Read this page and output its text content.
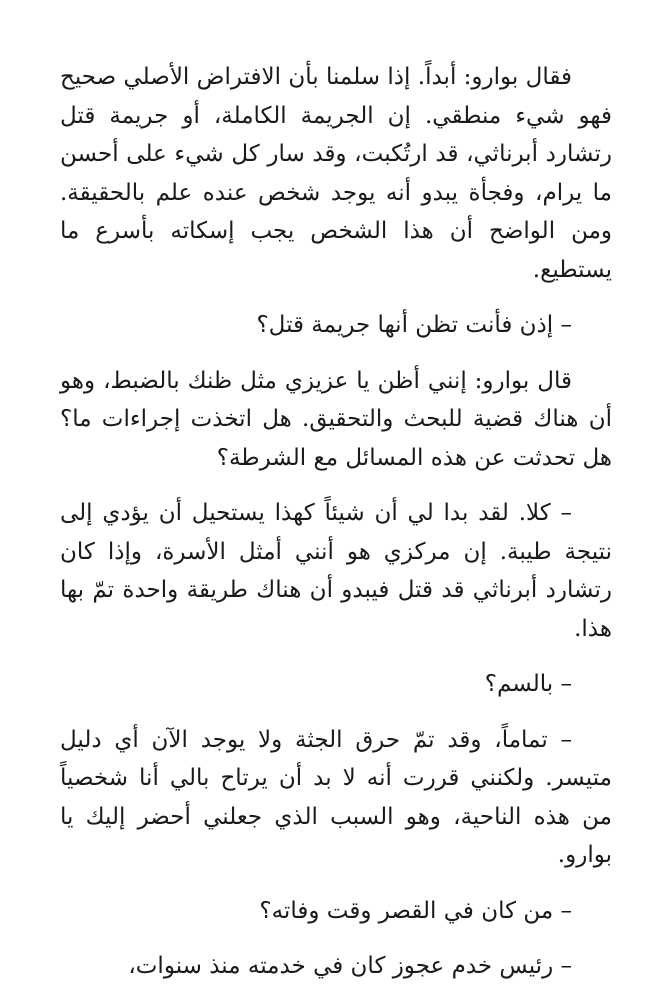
فقال بوارو: أبداً. إذا سلمنا بأن الافتراض الأصلي صحيح فهو شيء منطقي. إن الجريمة الكاملة، أو جريمة قتل رتشارد أبرناثي، قد ارتُكبت، وقد سار كل شيء على أحسن ما يرام، وفجأة يبدو أنه يوجد شخص عنده علم بالحقيقة. ومن الواضح أن هذا الشخص يجب إسكاته بأسرع ما يستطيع.

– إذن فأنت تظن أنها جريمة قتل؟

قال بوارو: إنني أظن يا عزيزي مثل ظنك بالضبط، وهو أن هناك قضية للبحث والتحقيق. هل اتخذت إجراءات ما؟ هل تحدثت عن هذه المسائل مع الشرطة؟

– كلا. لقد بدا لي أن شيئاً كهذا يستحيل أن يؤدي إلى نتيجة طيبة. إن مركزي هو أنني أمثل الأسرة، وإذا كان رتشارد أبرناثي قد قتل فيبدو أن هناك طريقة واحدة تمّ بها هذا.

– بالسم؟

– تماماً، وقد تمّ حرق الجثة ولا يوجد الآن أي دليل متيسر. ولكنني قررت أنه لا بد أن يرتاح بالي أنا شخصياً من هذه الناحية، وهو السبب الذي جعلني أحضر إليك يا بوارو.

– من كان في القصر وقت وفاته؟

– رئيس خدم عجوز كان في خدمته منذ سنوات،
